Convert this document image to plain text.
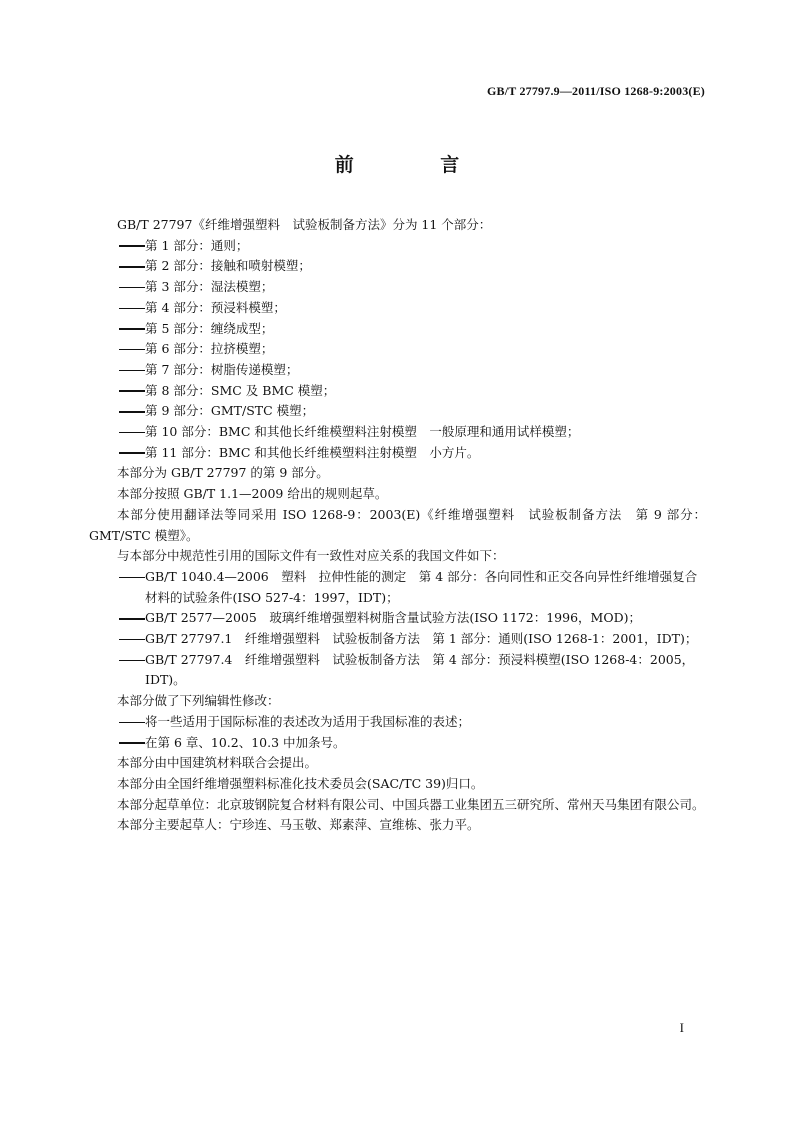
GB/T 27797.9—2011/ISO 1268-9:2003(E)
前 言

GB/T 27797《纤维增强塑料　试验板制备方法》分为 11 个部分：

第 1 部分：通则；

第 2 部分：接触和喷射模塑；

第 3 部分：湿法模塑；

第 4 部分：预浸料模塑；

第 5 部分：缠绕成型；

第 6 部分：拉挤模塑；

第 7 部分：树脂传递模塑；

第 8 部分：SMC 及 BMC 模塑；

第 9 部分：GMT/STC 模塑；

第 10 部分：BMC 和其他长纤维模塑料注射模塑　一般原理和通用试样模塑；

第 11 部分：BMC 和其他长纤维模塑料注射模塑　小方片。

本部分为 GB/T 27797 的第 9 部分。

本部分按照 GB/T 1.1—2009 给出的规则起草。

本部分使用翻译法等同采用 ISO 1268-9：2003(E)《纤维增强塑料　试验板制备方法　第 9 部分：GMT/STC 模塑》。

与本部分中规范性引用的国际文件有一致性对应关系的我国文件如下：

GB/T 1040.4—2006　塑料　拉伸性能的测定　第 4 部分：各向同性和正交各向异性纤维增强复合材料的试验条件(ISO 527-4：1997，IDT)；

GB/T 2577—2005　玻璃纤维增强塑料树脂含量试验方法(ISO 1172：1996，MOD)；

GB/T 27797.1　纤维增强塑料　试验板制备方法　第 1 部分：通则(ISO 1268-1：2001，IDT)；

GB/T 27797.4　纤维增强塑料　试验板制备方法　第 4 部分：预浸料模塑(ISO 1268-4：2005，IDT)。

本部分做了下列编辑性修改：

将一些适用于国际标准的表述改为适用于我国标准的表述；

在第 6 章、10.2、10.3 中加条号。

本部分由中国建筑材料联合会提出。

本部分由全国纤维增强塑料标准化技术委员会(SAC/TC 39)归口。

本部分起草单位：北京玻钢院复合材料有限公司、中国兵器工业集团五三研究所、常州天马集团有限公司。

本部分主要起草人：宁珍连、马玉敬、郑素萍、宣维栋、张力平。

I
